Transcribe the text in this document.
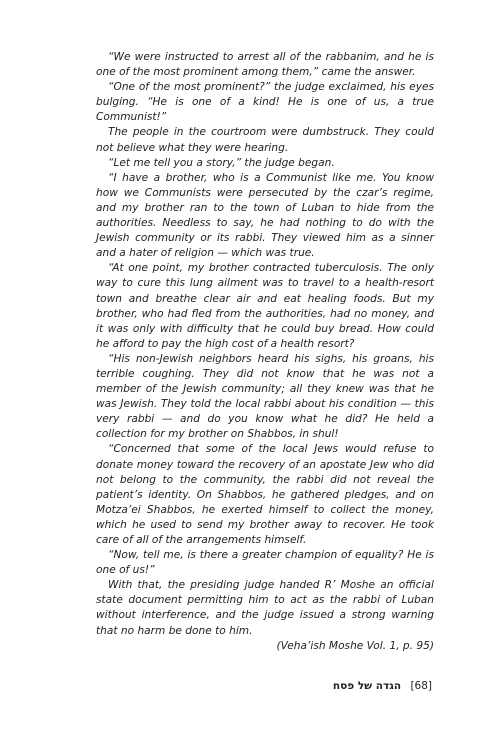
“We were instructed to arrest all of the rabbanim, and he is one of the most prominent among them,” came the answer.

“One of the most prominent?” the judge exclaimed, his eyes bulging. “He is one of a kind! He is one of us, a true Communist!”

The people in the courtroom were dumbstruck. They could not believe what they were hearing.

“Let me tell you a story,” the judge began.

“I have a brother, who is a Communist like me. You know how we Communists were persecuted by the czar’s regime, and my brother ran to the town of Luban to hide from the authorities. Needless to say, he had nothing to do with the Jewish community or its rabbi. They viewed him as a sinner and a hater of religion — which was true.

“At one point, my brother contracted tuberculosis. The only way to cure this lung ailment was to travel to a health-resort town and breathe clear air and eat healing foods. But my brother, who had fled from the authorities, had no money, and it was only with difficulty that he could buy bread. How could he afford to pay the high cost of a health resort?

“His non-Jewish neighbors heard his sighs, his groans, his terrible coughing. They did not know that he was not a member of the Jewish community; all they knew was that he was Jewish. They told the local rabbi about his condition — this very rabbi — and do you know what he did? He held a collection for my brother on Shabbos, in shul!

“Concerned that some of the local Jews would refuse to donate money toward the recovery of an apostate Jew who did not belong to the community, the rabbi did not reveal the patient’s identity. On Shabbos, he gathered pledges, and on Motza’ei Shabbos, he exerted himself to collect the money, which he used to send my brother away to recover. He took care of all of the arrangements himself.

“Now, tell me, is there a greater champion of equality? He is one of us!”

With that, the presiding judge handed R’ Moshe an official state document permitting him to act as the rabbi of Luban without interference, and the judge issued a strong warning that no harm be done to him.

(Veha’ish Moshe Vol. 1, p. 95)

הגדה של פסח [68]
